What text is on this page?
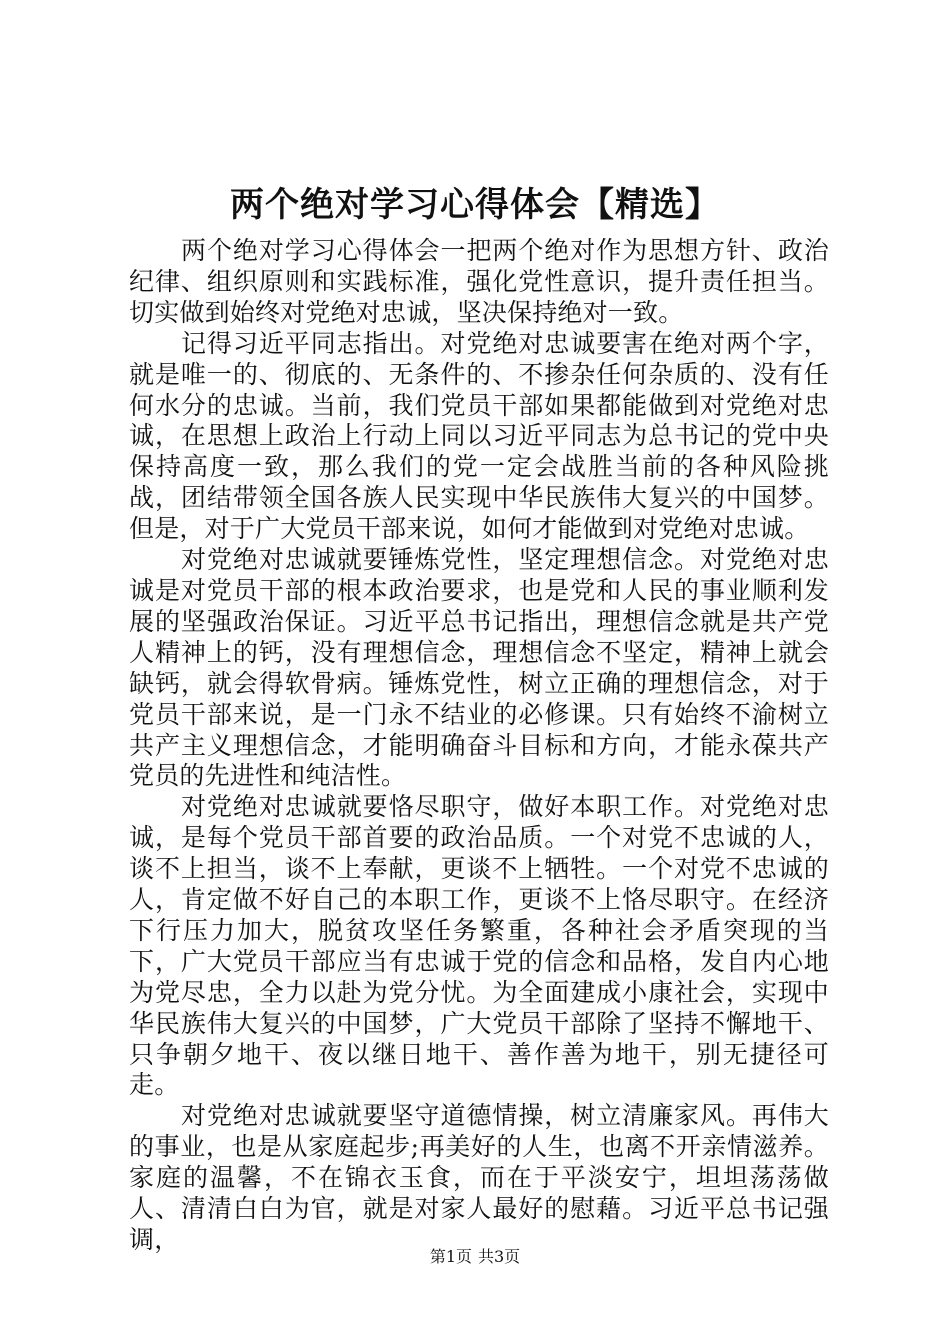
两个绝对学习心得体会【精选】

两个绝对学习心得体会一把两个绝对作为思想方针、政治纪律、组织原则和实践标准，强化党性意识，提升责任担当。切实做到始终对党绝对忠诚，坚决保持绝对一致。

记得习近平同志指出。对党绝对忠诚要害在绝对两个字，就是唯一的、彻底的、无条件的、不掺杂任何杂质的、没有任何水分的忠诚。当前，我们党员干部如果都能做到对党绝对忠诚，在思想上政治上行动上同以习近平同志为总书记的党中央保持高度一致，那么我们的党一定会战胜当前的各种风险挑战，团结带领全国各族人民实现中华民族伟大复兴的中国梦。但是，对于广大党员干部来说，如何才能做到对党绝对忠诚。

对党绝对忠诚就要锤炼党性，坚定理想信念。对党绝对忠诚是对党员干部的根本政治要求，也是党和人民的事业顺利发展的坚强政治保证。习近平总书记指出，理想信念就是共产党人精神上的钙，没有理想信念，理想信念不坚定，精神上就会缺钙，就会得软骨病。锤炼党性，树立正确的理想信念，对于党员干部来说，是一门永不结业的必修课。只有始终不渝树立共产主义理想信念，才能明确奋斗目标和方向，才能永葆共产党员的先进性和纯洁性。

对党绝对忠诚就要恪尽职守，做好本职工作。对党绝对忠诚，是每个党员干部首要的政治品质。一个对党不忠诚的人，谈不上担当，谈不上奉献，更谈不上牺牲。一个对党不忠诚的人，肯定做不好自己的本职工作，更谈不上恪尽职守。在经济下行压力加大，脱贫攻坚任务繁重，各种社会矛盾突现的当下，广大党员干部应当有忠诚于党的信念和品格，发自内心地为党尽忠，全力以赴为党分忧。为全面建成小康社会，实现中华民族伟大复兴的中国梦，广大党员干部除了坚持不懈地干、只争朝夕地干、夜以继日地干、善作善为地干，别无捷径可走。

对党绝对忠诚就要坚守道德情操，树立清廉家风。再伟大的事业，也是从家庭起步;再美好的人生，也离不开亲情滋养。家庭的温馨，不在锦衣玉食，而在于平淡安宁，坦坦荡荡做人、清清白白为官，就是对家人最好的慰藉。习近平总书记强调，

第1页 共3页
